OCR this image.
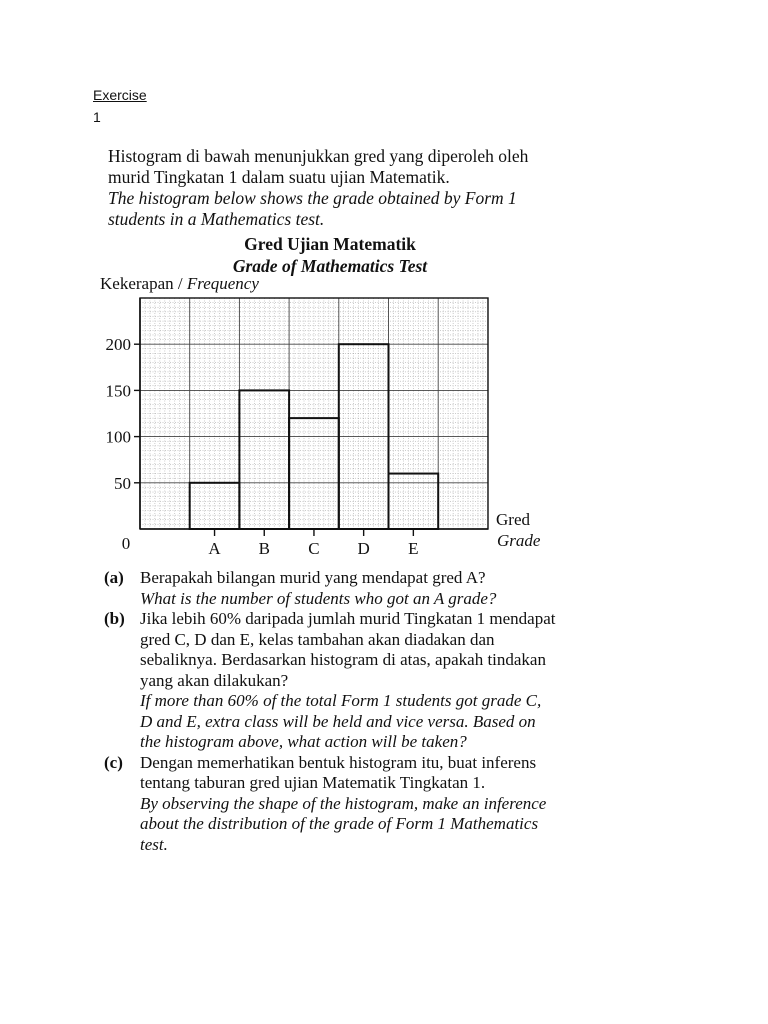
Exercise
1
Histogram di bawah menunjukkan gred yang diperoleh oleh murid Tingkatan 1 dalam suatu ujian Matematik.
The histogram below shows the grade obtained by Form 1 students in a Mathematics test.
Gred Ujian Matematik
Grade of Mathematics Test
Kekerapan / Frequency
50
100
150
200
0	A B C D E
Gred
Grade
(a) Berapakah bilangan murid yang mendapat gred A?
What is the number of students who got an A grade?
(b) Jika lebih 60% daripada jumlah murid Tingkatan 1 mendapat gred C, D dan E, kelas tambahan akan diadakan dan sebaliknya. Berdasarkan histogram di atas, apakah tindakan yang akan dilakukan?
If more than 60% of the total Form 1 students got grade C, D and E, extra class will be held and vice versa. Based on the histogram above, what action will be taken?
(c)	Dengan memerhatikan bentuk histogram itu, buat inferens tentang taburan gred ujian Matematik Tingkatan 1.
By observing the shape of the histogram, make an inference about the distribution of the grade of Form 1 Mathematics test.
